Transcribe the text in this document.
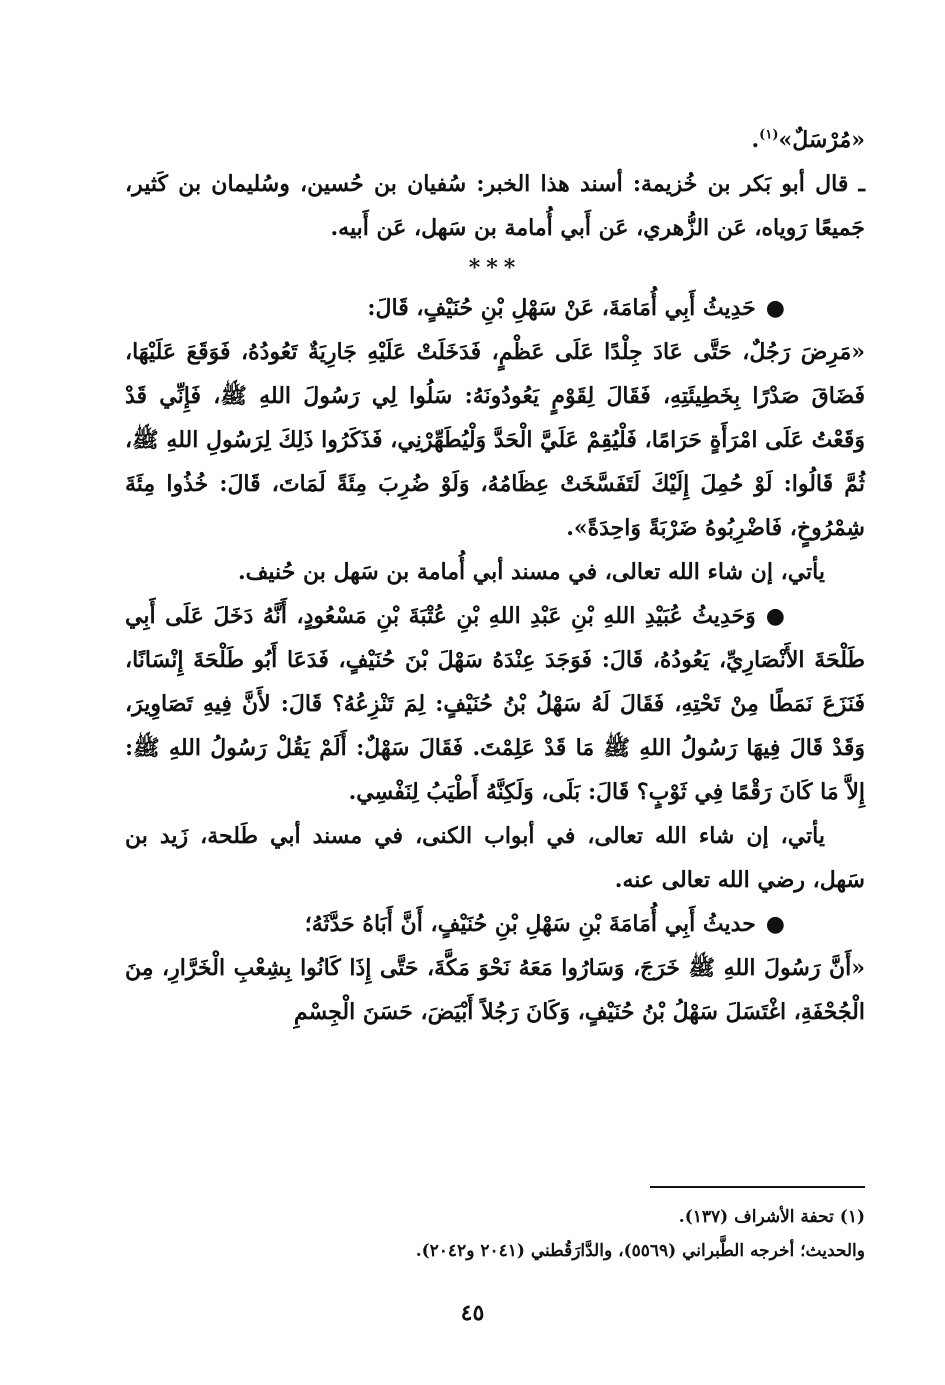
«مُرْسَلٌ»$^{(١)}$.

ـ قال أبو بَكر بن خُزيمة: أسند هذا الخبر: سُفيان بن حُسين، وسُليمان بن كَثير، جَميعًا رَوياه، عَن الزُّهري، عَن أَبي أُمامة بن سَهل، عَن أَبيه.

***

●حَدِيثُ أَبِي أُمَامَةَ، عَنْ سَهْلِ بْنِ حُنَيْفٍ، قَالَ:

«مَرِضَ رَجُلٌ، حَتَّى عَادَ جِلْدًا عَلَى عَظْمٍ، فَدَخَلَتْ عَلَيْهِ جَارِيَةٌ تَعُودُهُ، فَوَقَعَ عَلَيْهَا، فَضَاقَ صَدْرًا بِخَطِيئَتِهِ، فَقَالَ لِقَوْمٍ يَعُودُونَهُ: سَلُوا لِي رَسُولَ اللهِ ﷺ، فَإِنِّي قَدْ وَقَعْتُ عَلَى امْرَأَةٍ حَرَامًا، فَلْيُقِمْ عَلَيَّ الْحَدَّ وَلْيُطَهِّرْنِي، فَذَكَرُوا ذَلِكَ لِرَسُولِ اللهِ ﷺ، ثُمَّ قَالُوا: لَوْ حُمِلَ إِلَيْكَ لَتَفَسَّخَتْ عِظَامُهُ، وَلَوْ ضُرِبَ مِئَةً لَمَاتَ، قَالَ: خُذُوا مِئَةَ شِمْرُوخٍ، فَاضْرِبُوهُ ضَرْبَةً وَاحِدَةً».

يأتي، إن شاء الله تعالى، في مسند أبي أُمامة بن سَهل بن حُنيف.

●وَحَدِيثُ عُبَيْدِ اللهِ بْنِ عَبْدِ اللهِ بْنِ عُتْبَةَ بْنِ مَسْعُودٍ، أَنَّهُ دَخَلَ عَلَى أَبِي طَلْحَةَ الأَنْصَارِيِّ، يَعُودُهُ، قَالَ: فَوَجَدَ عِنْدَهُ سَهْلَ بْنَ حُنَيْفٍ، فَدَعَا أَبُو طَلْحَةَ إِنْسَانًا، فَنَزَعَ نَمَطًا مِنْ تَحْتِهِ، فَقَالَ لَهُ سَهْلُ بْنُ حُنَيْفٍ: لِمَ تَنْزِعُهُ؟ قَالَ: لأَنَّ فِيهِ تَصَاوِيرَ، وَقَدْ قَالَ فِيهَا رَسُولُ اللهِ ﷺ مَا قَدْ عَلِمْتَ. فَقَالَ سَهْلٌ: أَلَمْ يَقُلْ رَسُولُ اللهِ ﷺ: إِلاَّ مَا كَانَ رَقْمًا فِي ثَوْبٍ؟ قَالَ: بَلَى، وَلَكِنَّهُ أَطْيَبُ لِنَفْسِي.

يأتي، إن شاء الله تعالى، في أبواب الكنى، في مسند أبي طَلحة، زَيد بن سَهل، رضي الله تعالى عنه.

●حديثُ أَبِي أُمَامَةَ بْنِ سَهْلِ بْنِ حُنَيْفٍ، أَنَّ أَبَاهُ حَدَّثَهُ؛

«أَنَّ رَسُولَ اللهِ ﷺ خَرَجَ، وَسَارُوا مَعَهُ نَحْوَ مَكَّةَ، حَتَّى إِذَا كَانُوا بِشِعْبِ الْخَرَّارِ، مِنَ الْجُحْفَةِ، اغْتَسَلَ سَهْلُ بْنُ حُنَيْفٍ، وَكَانَ رَجُلاً أَبْيَضَ، حَسَنَ الْجِسْمِ

(١) تحفة الأشراف (١٣٧).

والحديث؛ أخرجه الطَّبراني (٥٥٦٩)، والدَّارَقُطني (٢٠٤١ و٢٠٤٢).

٤٥
